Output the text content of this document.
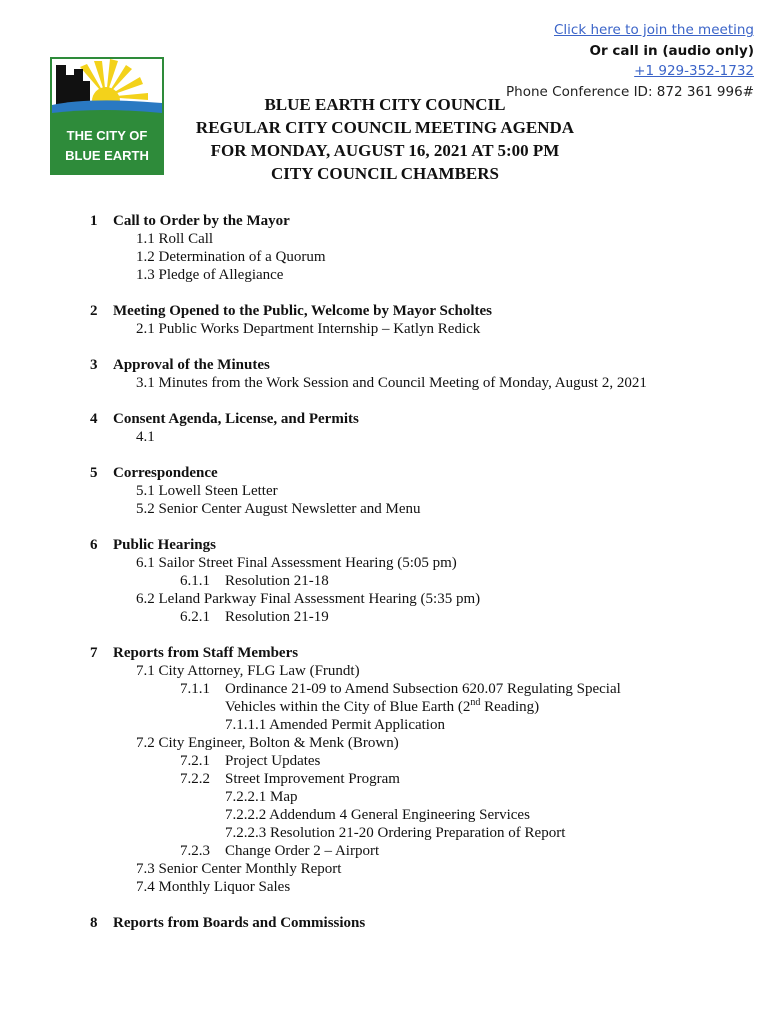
Click here to join the meeting
Or call in (audio only)
+1 929-352-1732
Phone Conference ID: 872 361 996#
THE CITY OF
BLUE EARTH
BLUE EARTH CITY COUNCIL
REGULAR CITY COUNCIL MEETING AGENDA
FOR MONDAY, AUGUST 16, 2021 AT 5:00 PM
CITY COUNCIL CHAMBERS
1 Call to Order by the Mayor
1.1 Roll Call
1.2 Determination of a Quorum
1.3 Pledge of Allegiance
2 Meeting Opened to the Public, Welcome by Mayor Scholtes
2.1 Public Works Department Internship – Katlyn Redick
3 Approval of the Minutes
3.1 Minutes from the Work Session and Council Meeting of Monday, August 2, 2021
4 Consent Agenda, License, and Permits
4.1
5 Correspondence
5.1 Lowell Steen Letter
5.2 Senior Center August Newsletter and Menu
6 Public Hearings
6.1 Sailor Street Final Assessment Hearing (5:05 pm)
6.1.1 Resolution 21-18
6.2 Leland Parkway Final Assessment Hearing (5:35 pm)
6.2.1 Resolution 21-19
7 Reports from Staff Members
7.1 City Attorney, FLG Law (Frundt)
7.1.1 Ordinance 21-09 to Amend Subsection 620.07 Regulating Special
Vehicles within the City of Blue Earth (2nd Reading)
7.1.1.1 Amended Permit Application
7.2 City Engineer, Bolton & Menk (Brown)
7.2.1 Project Updates
7.2.2 Street Improvement Program
7.2.2.1 Map
7.2.2.2 Addendum 4 General Engineering Services
7.2.2.3 Resolution 21-20 Ordering Preparation of Report
7.2.3 Change Order 2 – Airport
7.3 Senior Center Monthly Report
7.4 Monthly Liquor Sales
8 Reports from Boards and Commissions
